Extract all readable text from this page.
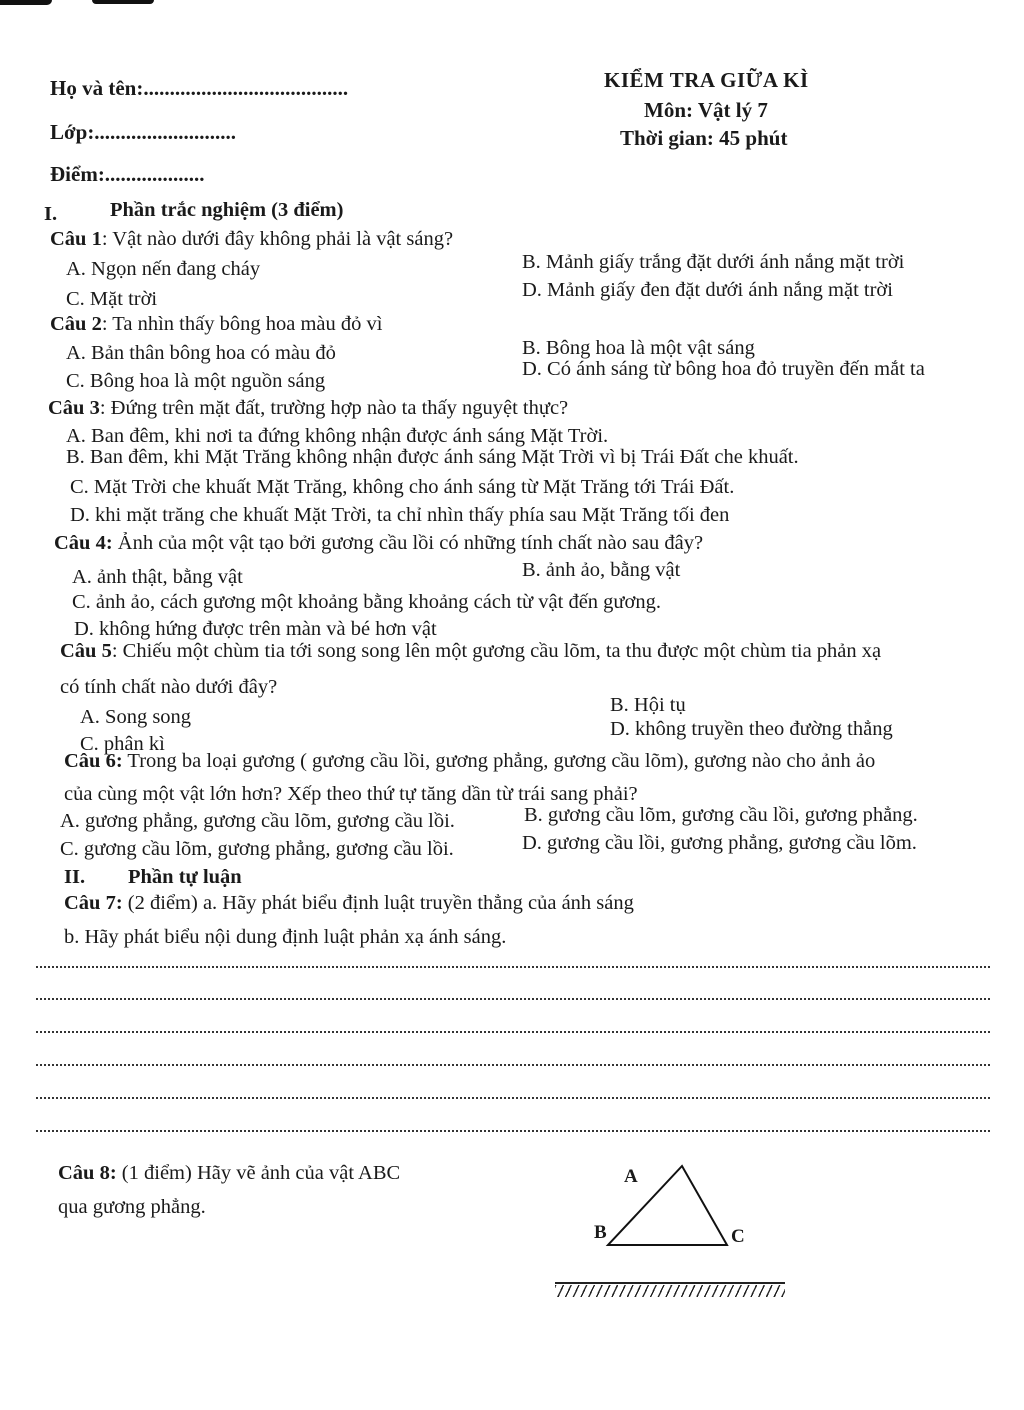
Họ và tên:.......................................
Lớp:...........................
Điểm:...................
KIỂM TRA GIỮA KÌ
Môn: Vật lý 7
Thời gian: 45 phút
I.	Phần trắc nghiệm (3 điểm)
Câu 1: Vật nào dưới đây không phải là vật sáng?
A. Ngọn nến đang cháy	B. Mảnh giấy trắng đặt dưới ánh nắng mặt trời
C. Mặt trời	D. Mảnh giấy đen đặt dưới ánh nắng mặt trời
Câu 2: Ta nhìn thấy bông hoa màu đỏ vì
A. Bản thân bông hoa có màu đỏ	B. Bông hoa là một vật sáng
C. Bông hoa là một nguồn sáng
D. Có ánh sáng từ bông hoa đỏ truyền đến mắt ta
Câu 3: Đứng trên mặt đất, trường hợp nào ta thấy nguyệt thực?
A. Ban đêm, khi nơi ta đứng không nhận được ánh sáng Mặt Trời.
B. Ban đêm, khi Mặt Trăng không nhận được ánh sáng Mặt Trời vì bị Trái Đất che khuất.
C. Mặt Trời che khuất Mặt Trăng, không cho ánh sáng từ Mặt Trăng tới Trái Đất.
D. khi mặt trăng che khuất Mặt Trời, ta chỉ nhìn thấy phía sau Mặt Trăng tối đen
Câu 4: Ảnh của một vật tạo bởi gương cầu lồi có những tính chất nào sau đây?
A. ảnh thật, bằng vật	B. ảnh ảo, bằng vật
C. ảnh ảo, cách gương một khoảng bằng khoảng cách từ vật đến gương.
D. không hứng được trên màn và bé hơn vật
Câu 5: Chiếu một chùm tia tới song song lên một gương cầu lõm, ta thu được một chùm tia phản xạ
có tính chất nào dưới đây?
A. Song song
B. Hội tụ
C. phân kì
D. không truyền theo đường thẳng
Câu 6: Trong ba loại gương ( gương cầu lồi, gương phẳng, gương cầu lõm), gương nào cho ảnh ảo
của cùng một vật lớn hơn? Xếp theo thứ tự tăng dần từ trái sang phải?
A. gương phẳng, gương cầu lõm, gương cầu lồi.	B. gương cầu lõm, gương cầu lồi, gương phẳng.
C. gương cầu lõm, gương phẳng, gương cầu lồi.	D. gương cầu lồi, gương phẳng, gương cầu lõm.
II. Phần tự luận
Câu 7: (2 điểm) a. Hãy phát biểu định luật truyền thẳng của ánh sáng
b. Hãy phát biểu nội dung định luật phản xạ ánh sáng.
Câu 8: (1 điểm) Hãy vẽ ảnh của vật ABC
qua gương phẳng.
A
B	C
